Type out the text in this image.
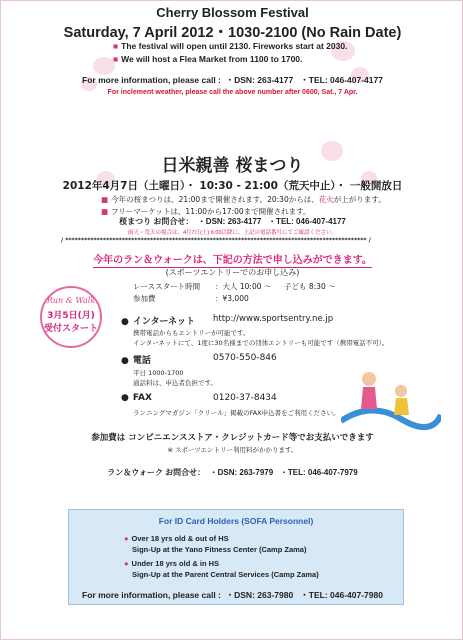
Cherry Blossom Festival
Saturday, 7 April 2012・1030-2100 (No Rain Date)
■ The festival will open until 2130. Fireworks start at 2030.
■ We will host a Flea Market from 1100 to 1700.
For more information, please call : ・DSN: 263-4177 ・TEL: 046-407-4177
For inclement weather, please call the above number after 0600, Sat., 7 Apr.
日米親善 桜まつり
2012年4月7日（土曜日）・ 10:30 - 21:00（荒天中止）・ 一般開放日
■ 今年の桜まつりは、21:00まで開催されます。20:30からは、花火が上がります。
■ フリーマーケットは、11:00から17:00まで開催されます。
桜まつり お問合せ： ・DSN: 263-4177 ・TEL: 046-407-4177
雨天・荒天の場合は、4月7日(土) 6:00以降に、上記の電話番号にてご確認ください。
/ ************************************************************************************************ /
今年のラン＆ウォークは、下記の方法で申し込みができます。
(スポーツエントリーでのお申し込み)
レーススタート時間 ：大人 10:00 〜 子ども 8:30 〜
参加費	：¥3,000
Run & Walk
3月5日(月)
受付スタート
● インターネット http://www.sportsentry.ne.jp
携帯電話からもエントリーが可能です。
インターネットにて、1度に30名様までの団体エントリーも可能です（携帯電話不可）。
● 電話	0570-550-846
平日 1000-1700
通話料は、申込者負担です。
● FAX	0120-37-8434
ランニングマガジン「クリール」掲載のFAX申込書をご利用ください。
参加費は コンビニエンスストア・クレジットカード等でお支払いできます
※ スポーツエントリー利用料がかかります。
ラン＆ウォーク お問合せ： ・DSN: 263-7979 ・TEL: 046-407-7979
For ID Card Holders (SOFA Personnel)
● Over 18 yrs old & out of HS
Sign-Up at the Yano Fitness Center (Camp Zama)
● Under 18 yrs old & in HS
Sign-Up at the Parent Central Services (Camp Zama)
For more information, please call : ・DSN: 263-7980 ・TEL: 046-407-7980
